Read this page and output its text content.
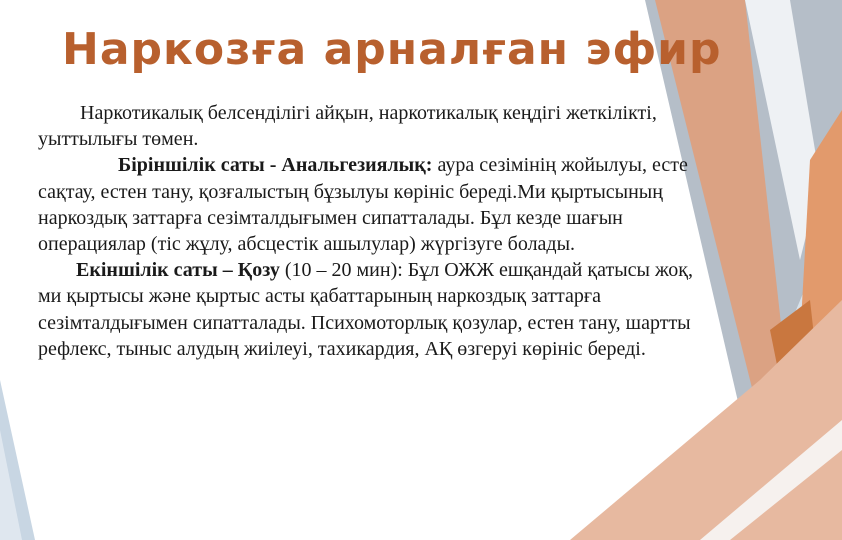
Наркозға арналған эфир

Наркотикалық белсенділігі айқын, наркотикалық кеңдігі жеткілікті, уыттылығы төмен.

Біріншілік саты - Анальгезиялық: аура сезімінің жойылуы, есте сақтау, естен тану, қозғалыстың бұзылуы көрініс береді.Ми қыртысының наркоздық заттарға сезімталдығымен сипатталады. Бұл кезде шағын операциялар (тіс жұлу, абсцестік ашылулар) жүргізуге болады.

Екіншілік саты – Қозу (10 – 20 мин): Бұл ОЖЖ ешқандай қатысы жоқ, ми қыртысы және қыртыс асты қабаттарының наркоздық заттарға сезімталдығымен сипатталады. Психомоторлық қозулар, естен тану, шартты рефлекс, тыныс алудың жиілеуі, тахикардия, АҚ өзгеруі көрініс береді.
